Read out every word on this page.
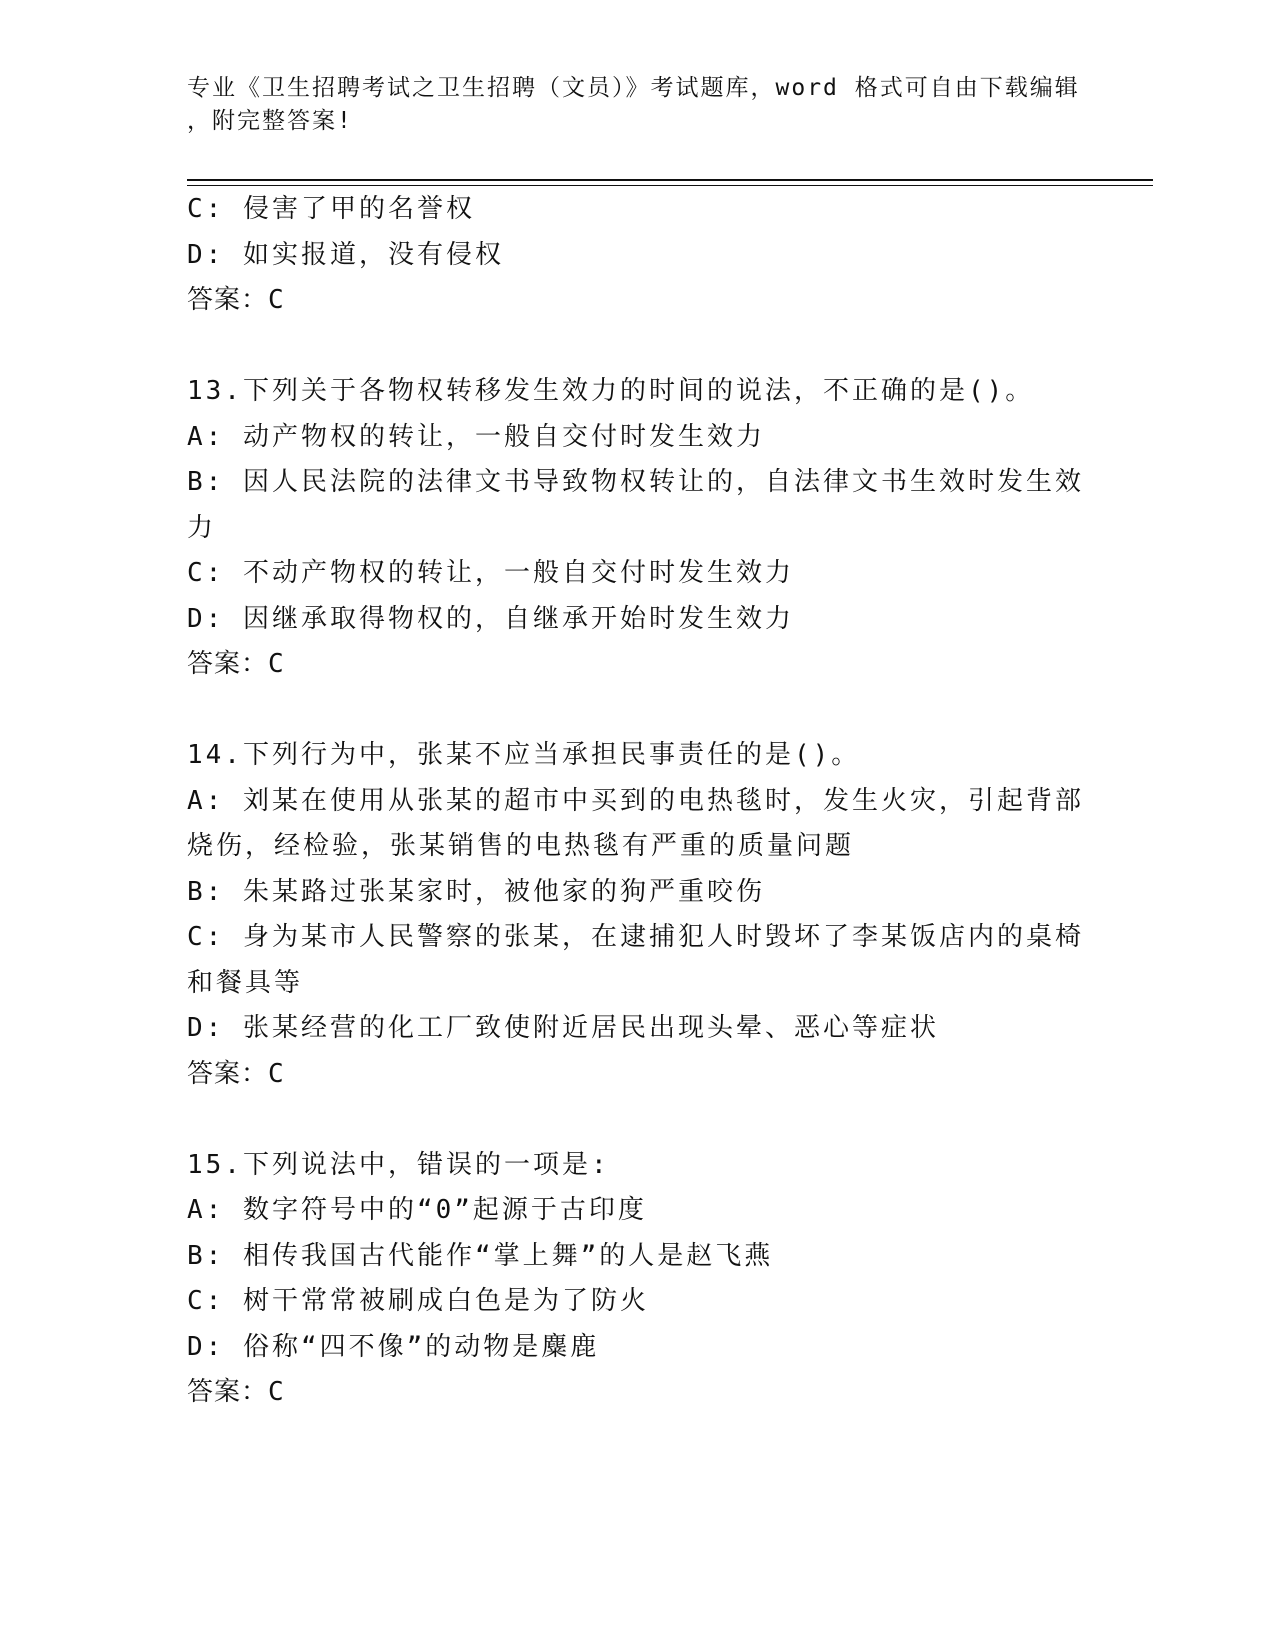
专业《卫生招聘考试之卫生招聘（文员）》考试题库，word 格式可自由下载编辑
，附完整答案!
C: 侵害了甲的名誉权
D: 如实报道，没有侵权
答案：C
13.下列关于各物权转移发生效力的时间的说法，不正确的是()。
A: 动产物权的转让，一般自交付时发生效力
B: 因人民法院的法律文书导致物权转让的，自法律文书生效时发生效力
C: 不动产物权的转让，一般自交付时发生效力
D: 因继承取得物权的，自继承开始时发生效力
答案：C
14.下列行为中，张某不应当承担民事责任的是()。
A: 刘某在使用从张某的超市中买到的电热毯时，发生火灾，引起背部烧伤，经检验，张某销售的电热毯有严重的质量问题
B: 朱某路过张某家时，被他家的狗严重咬伤
C: 身为某市人民警察的张某，在逮捕犯人时毁坏了李某饭店内的桌椅和餐具等
D: 张某经营的化工厂致使附近居民出现头晕、恶心等症状
答案：C
15.下列说法中，错误的一项是:
A: 数字符号中的“0”起源于古印度
B: 相传我国古代能作“掌上舞”的人是赵飞燕
C: 树干常常被刷成白色是为了防火
D: 俗称“四不像”的动物是麋鹿
答案：C
